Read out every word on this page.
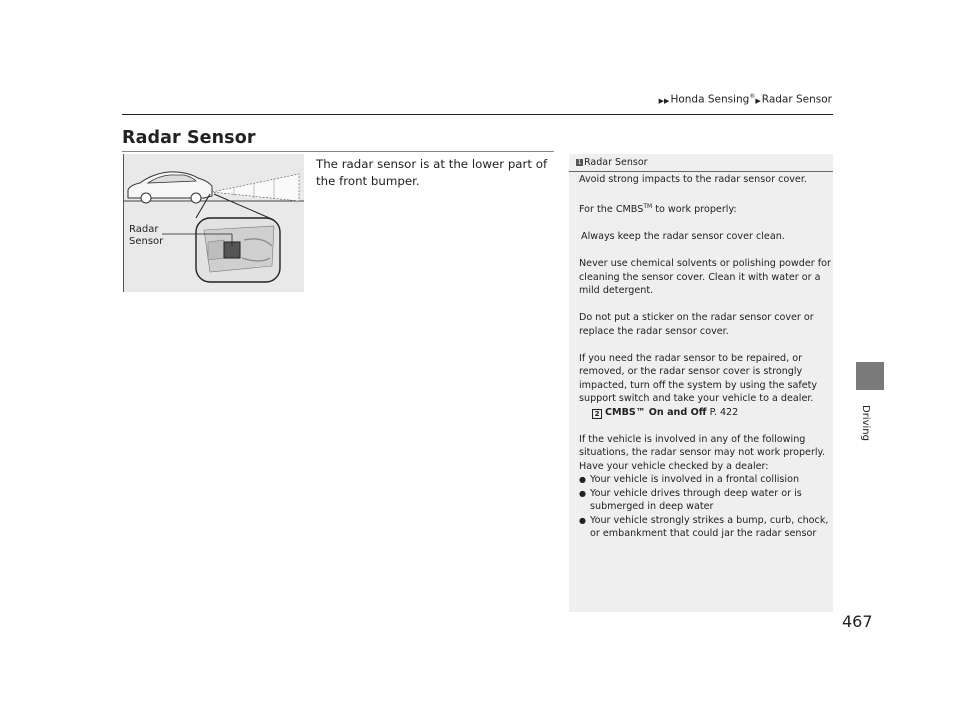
▶▶Honda Sensing®▶Radar Sensor
Radar Sensor
Radar
Sensor
The radar sensor is at the lower part of the front bumper.
Driving
1 Radar Sensor

Avoid strong impacts to the radar sensor cover.

For the CMBS™ to work properly:

Always keep the radar sensor cover clean.

Never use chemical solvents or polishing powder for cleaning the sensor cover. Clean it with water or a mild detergent.

Do not put a sticker on the radar sensor cover or replace the radar sensor cover.

If you need the radar sensor to be repaired, or removed, or the radar sensor cover is strongly impacted, turn off the system by using the safety support switch and take your vehicle to a dealer.

2 CMBS™ On and Off P. 422

If the vehicle is involved in any of the following situations, the radar sensor may not work properly. Have your vehicle checked by a dealer:

● Your vehicle is involved in a frontal collision
● Your vehicle drives through deep water or is submerged in deep water
● Your vehicle strongly strikes a bump, curb, chock, or embankment that could jar the radar sensor
467
